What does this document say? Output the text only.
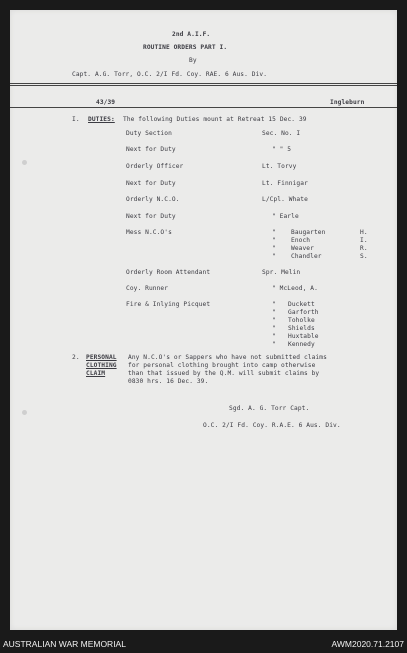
2nd A.I.F.
ROUTINE ORDERS PART I.
By
Capt. A.G. Torr, O.C. 2/I Fd. Coy. RAE. 6 Aus. Div.
43/39	Ingleburn
I. DUTIES: The following Duties mount at Retreat 15 Dec. 39
Duty Section	Sec. No. I
Next for Duty	" " 5
Orderly Officer	Lt. Torvy
Next for Duty	Lt. Finnigar
Orderly N.C.O.	L/Cpl. Whate
Next for Duty	" Earle
Mess N.C.O's	" Baugarten	H.
" Enoch	I.
" Weaver	R.
" Chandler	S.
Orderly Room Attendant	Spr. Melin
Coy. Runner	" McLeod, A.
Fire & Inlying Picquet	" Duckett
" Garforth
" Toholke
" Shields
" Huxtable
" Kennedy
2. PERSONAL
CLOTHING
CLAIM
Any N.C.O's or Sappers who have not submitted claims
for personal clothing brought into camp otherwise
than that issued by the Q.M. will submit claims by
0830 hrs. 16 Dec. 39.
Sgd. A. G. Torr Capt.
O.C. 2/I Fd. Coy. R.A.E. 6 Aus. Div.
AUSTRALIAN WAR MEMORIAL	AWM2020.71.2107
